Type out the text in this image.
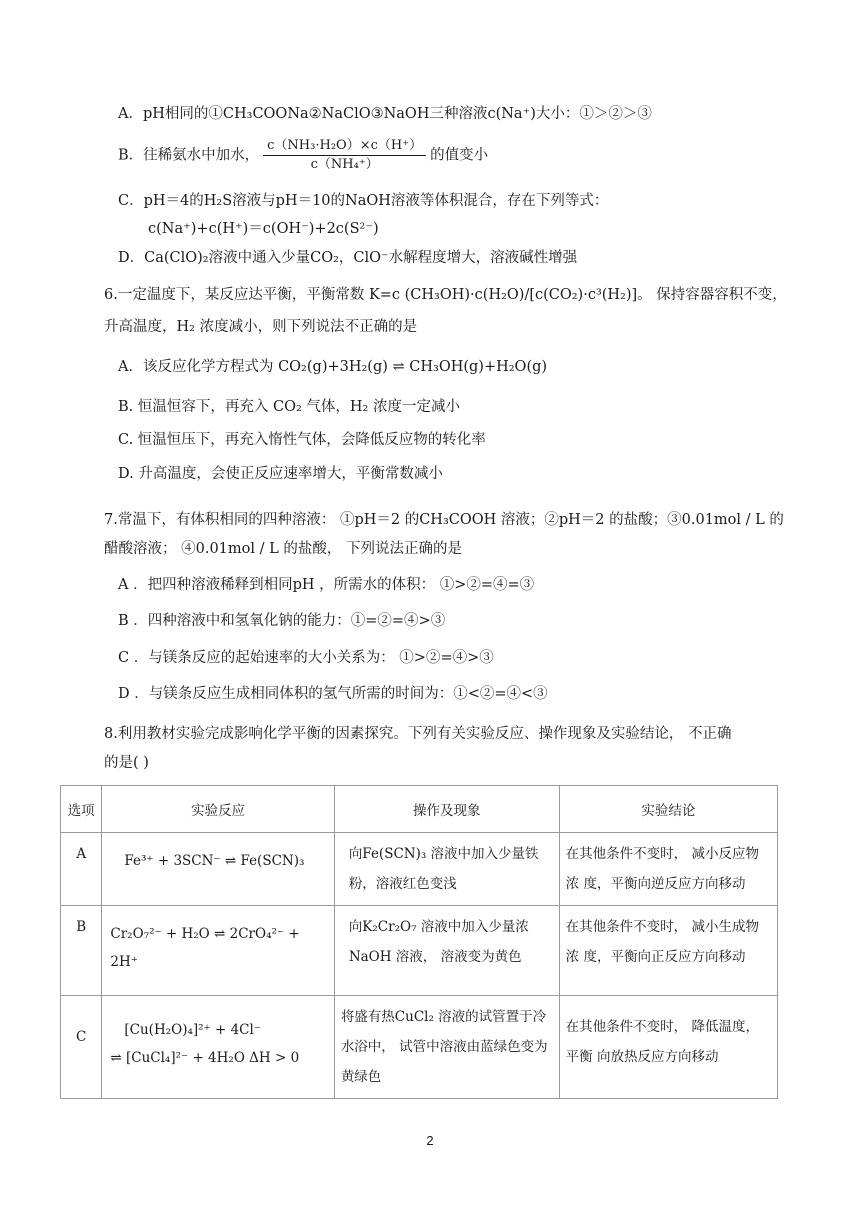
A．pH相同的①CH₃COONa②NaClO③NaOH三种溶液c(Na⁺)大小：①＞②＞③
B．往稀氨水中加水， $\frac{\text{c（NH₃·H₂O）×c（H⁺）}}{\text{c（NH₄⁺）}}$ 的值变小
C．pH＝4的H₂S溶液与pH＝10的NaOH溶液等体积混合，存在下列等式：
c(Na⁺)+c(H⁺)＝c(OH⁻)+2c(S²⁻)
D．Ca(ClO)₂溶液中通入少量CO₂，ClO⁻水解程度增大，溶液碱性增强
6.一定温度下，某反应达平衡，平衡常数 K=c (CH₃OH)·c(H₂O)/[c(CO₂)·c³(H₂)]。 保持容器容积不变，
升高温度，H₂ 浓度减小，则下列说法不正确的是
A．该反应化学方程式为 CO₂(g)+3H₂(g) ⇌ CH₃OH(g)+H₂O(g)
B. 恒温恒容下，再充入 CO₂ 气体，H₂ 浓度一定减小
C. 恒温恒压下，再充入惰性气体，会降低反应物的转化率
D. 升高温度，会使正反应速率增大，平衡常数减小
7.常温下，有体积相同的四种溶液： ①pH＝2 的CH₃COOH 溶液；②pH＝2 的盐酸；③0.01mol / L 的
醋酸溶液； ④0.01mol / L 的盐酸， 下列说法正确的是
A ．把四种溶液稀释到相同pH ，所需水的体积： ①>②=④=③
B ．四种溶液中和氢氧化钠的能力：①=②=④>③
C ．与镁条反应的起始速率的大小关系为： ①>②=④>③
D ．与镁条反应生成相同体积的氢气所需的时间为：①<②=④<③
8.利用教材实验完成影响化学平衡的因素探究。下列有关实验反应、操作现象及实验结论， 不正确
的是( )
选项	实验反应	操作及现象	实验结论
A	Fe³⁺ + 3SCN⁻ ⇌ Fe(SCN)₃	向Fe(SCN)₃ 溶液中加入少量铁 粉，溶液红色变浅	在其他条件不变时， 减小反应物浓 度，平衡向逆反应方向移动
B	Cr₂O₇²⁻ + H₂O ⇌ 2CrO₄²⁻ + 2H⁺	向K₂Cr₂O₇ 溶液中加入少量浓 NaOH 溶液， 溶液变为黄色	在其他条件不变时， 减小生成物浓 度，平衡向正反应方向移动
C	[Cu(H₂O)₄]²⁺ + 4Cl⁻
⇌ [CuCl₄]²⁻ + 4H₂O ΔH > 0	将盛有热CuCl₂ 溶液的试管置于冷水浴中， 试管中溶液由蓝绿色变为黄绿色	在其他条件不变时， 降低温度， 平衡 向放热反应方向移动
2
